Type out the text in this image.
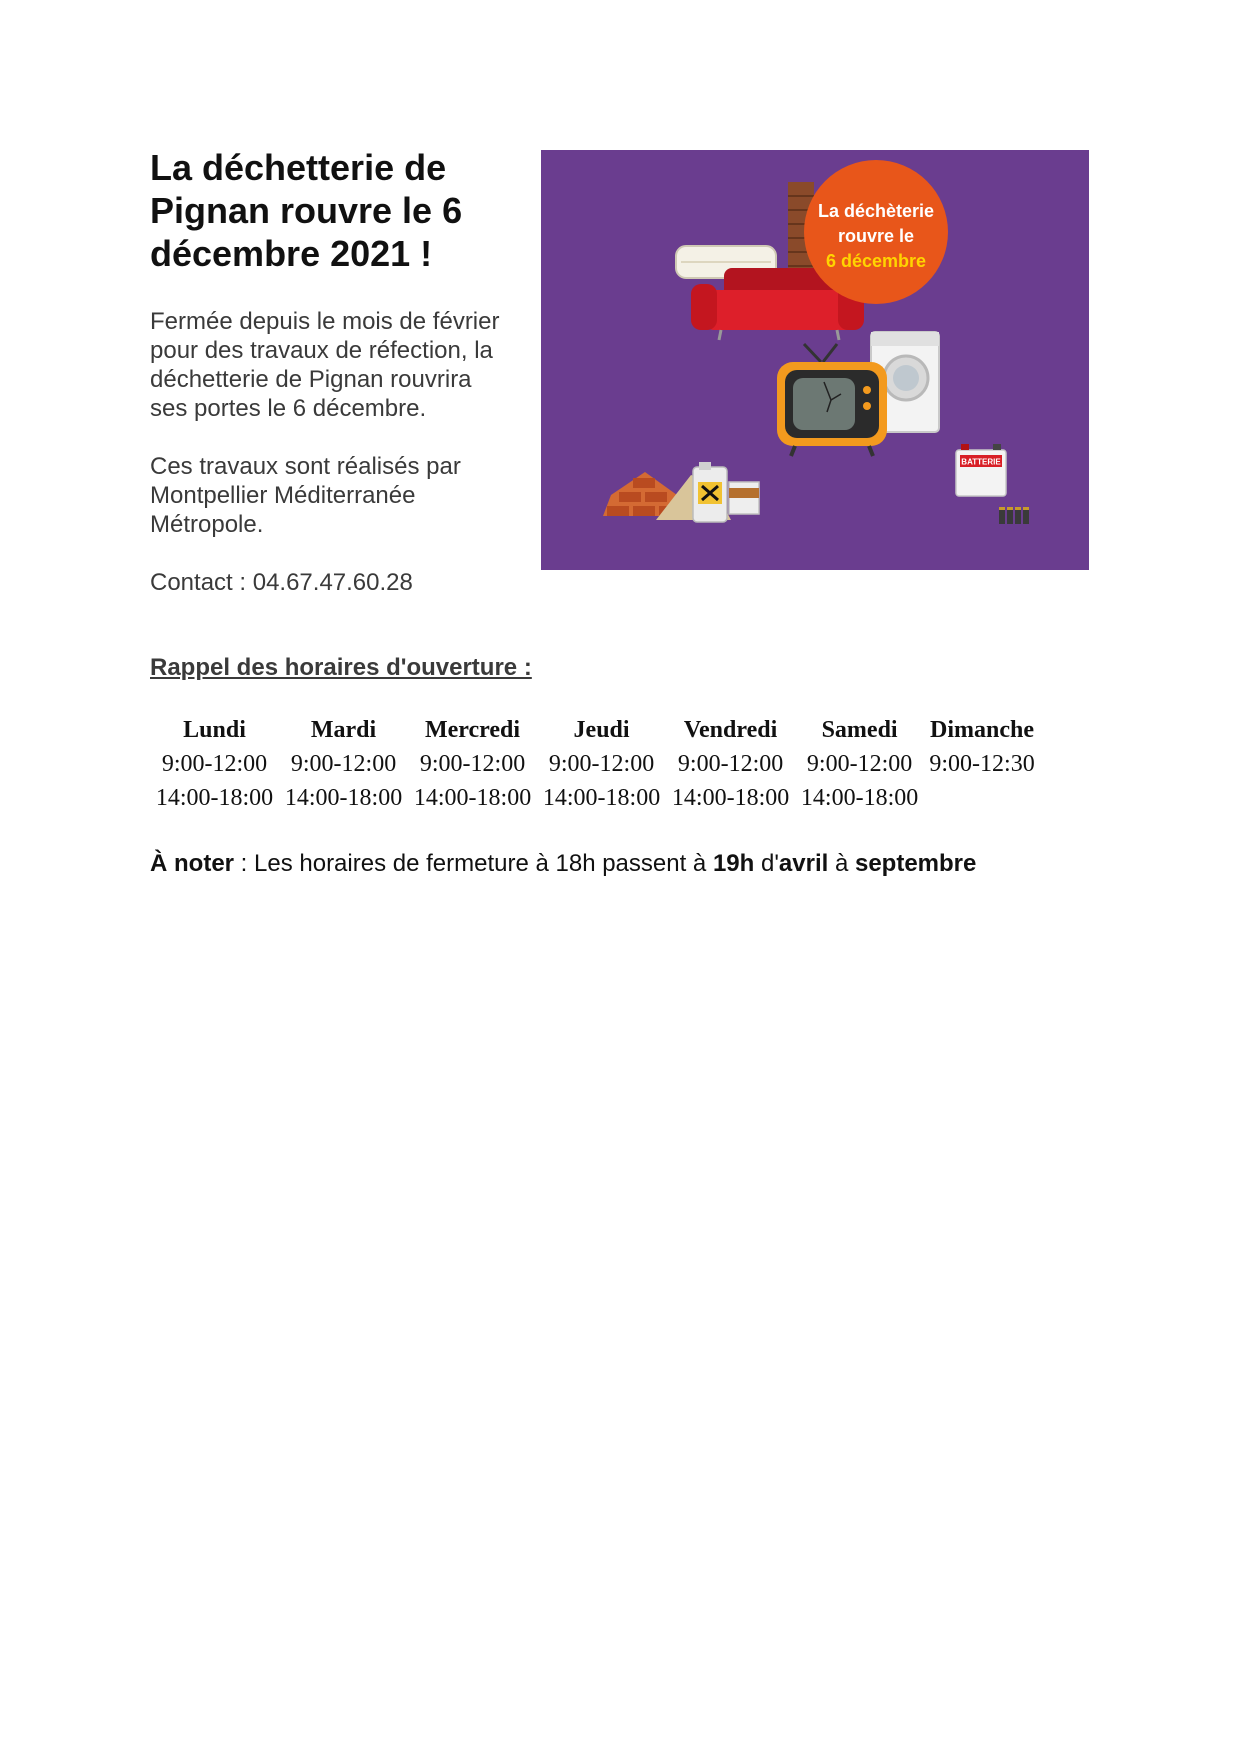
La déchetterie de Pignan rouvre le 6 décembre 2021 !

Fermée depuis le mois de février pour des travaux de réfection, la déchetterie de Pignan rouvrira ses portes le 6 décembre.

Ces travaux sont réalisés par Montpellier Méditerranée Métropole.

Contact : 04.67.47.60.28

La déchèterie
rouvre le
6 décembre
BATTERIE
Rappel des horaires d'ouverture :
Lundi	Mardi	Mercredi	Jeudi	Vendredi	Samedi	Dimanche
9:00-12:00	9:00-12:00	9:00-12:00	9:00-12:00	9:00-12:00	9:00-12:00	9:00-12:30
14:00-18:00	14:00-18:00	14:00-18:00	14:00-18:00	14:00-18:00	14:00-18:00	

À noter : Les horaires de fermeture à 18h passent à 19h d'avril à septembre
